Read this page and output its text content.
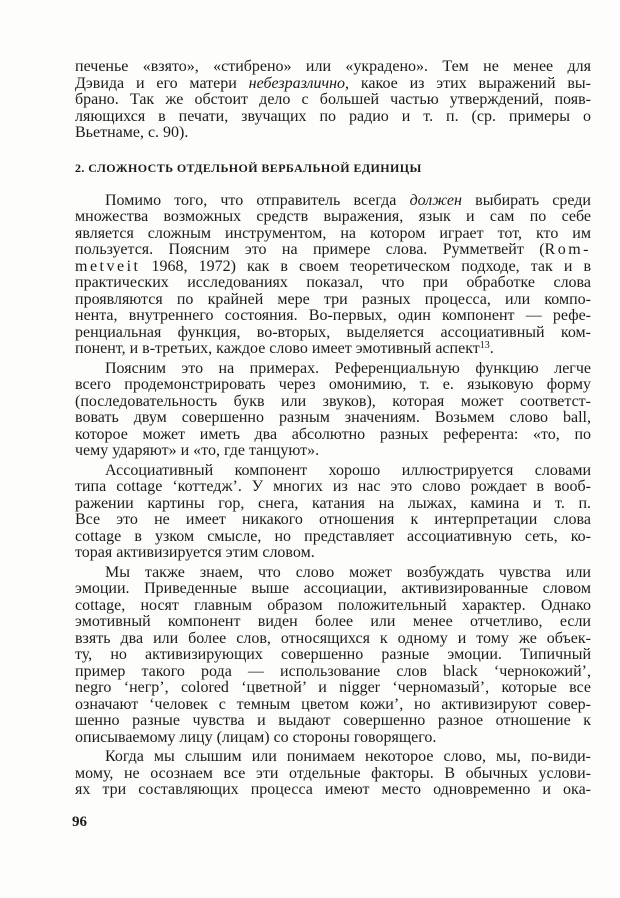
печенье «взято», «стибрено» или «украдено». Тем не менее для
Дэвида и его матери небезразлично, какое из этих выражений вы-
брано. Так же обстоит дело с большей частью утверждений, появ-
ляющихся в печати, звучащих по радио и т. п. (ср. примеры о
Вьетнаме, с. 90).
2. СЛОЖНОСТЬ ОТДЕЛЬНОЙ ВЕРБАЛЬНОЙ ЕДИНИЦЫ
Помимо того, что отправитель всегда должен выбирать среди
множества возможных средств выражения, язык и сам по себе
является сложным инструментом, на котором играет тот, кто им
пользуется. Поясним это на примере слова. Румметвейт (Rom-
metveit 1968, 1972) как в своем теоретическом подходе, так и в
практических исследованиях показал, что при обработке слова
проявляются по крайней мере три разных процесса, или компо-
нента, внутреннего состояния. Во-первых, один компонент — рефе-
ренциальная функция, во-вторых, выделяется ассоциативный ком-
понент, и в-третьих, каждое слово имеет эмотивный аспект$^{13}$.
Поясним это на примерах. Референциальную функцию легче
всего продемонстрировать через омонимию, т. е. языковую форму
(последовательность букв или звуков), которая может соответст-
вовать двум совершенно разным значениям. Возьмем слово ball,
которое может иметь два абсолютно разных референта: «то, по
чему ударяют» и «то, где танцуют».
Ассоциативный компонент хорошо иллюстрируется словами
типа cottage ‘коттедж’. У многих из нас это слово рождает в вооб-
ражении картины гор, снега, катания на лыжах, камина и т. п.
Все это не имеет никакого отношения к интерпретации слова
cottage в узком смысле, но представляет ассоциативную сеть, ко-
торая активизируется этим словом.
Мы также знаем, что слово может возбуждать чувства или
эмоции. Приведенные выше ассоциации, активизированные словом
cottage, носят главным образом положительный характер. Однако
эмотивный компонент виден более или менее отчетливо, если
взять два или более слов, относящихся к одному и тому же объек-
ту, но активизирующих совершенно разные эмоции. Типичный
пример такого рода — использование слов black ‘чернокожий’,
negro ‘негр’, colored ‘цветной’ и nigger ‘черномазый’, которые все
означают ‘человек с темным цветом кожи’, но активизируют совер-
шенно разные чувства и выдают совершенно разное отношение к
описываемому лицу (лицам) со стороны говорящего.
Когда мы слышим или понимаем некоторое слово, мы, по-види-
мому, не осознаем все эти отдельные факторы. В обычных услови-
ях три составляющих процесса имеют место одновременно и ока-
96
